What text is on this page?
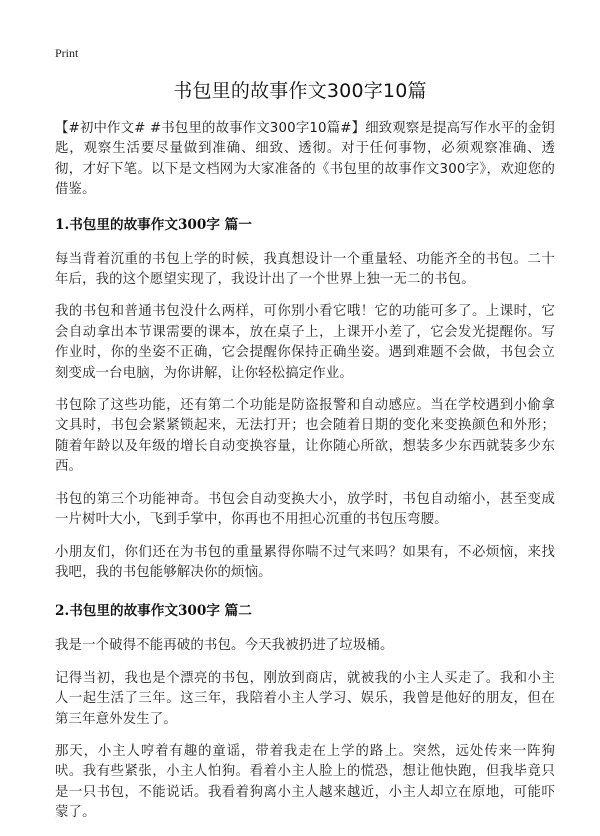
Print
书包里的故事作文300字10篇

【#初中作文# #书包里的故事作文300字10篇#】细致观察是提高写作水平的金钥匙，观察生活要尽量做到准确、细致、透彻。对于任何事物，必须观察准确、透彻，才好下笔。以下是文档网为大家准备的《书包里的故事作文300字》，欢迎您的借鉴。

1.书包里的故事作文300字 篇一

每当背着沉重的书包上学的时候，我真想设计一个重量轻、功能齐全的书包。二十年后，我的这个愿望实现了，我设计出了一个世界上独一无二的书包。

我的书包和普通书包没什么两样，可你别小看它哦！它的功能可多了。上课时，它会自动拿出本节课需要的课本，放在桌子上，上课开小差了，它会发光提醒你。写作业时，你的坐姿不正确，它会提醒你保持正确坐姿。遇到难题不会做，书包会立刻变成一台电脑，为你讲解，让你轻松搞定作业。

书包除了这些功能，还有第二个功能是防盗报警和自动感应。当在学校遇到小偷拿文具时，书包会紧紧锁起来，无法打开；也会随着日期的变化来变换颜色和外形；随着年龄以及年级的增长自动变换容量，让你随心所欲，想装多少东西就装多少东西。

书包的第三个功能神奇。书包会自动变换大小，放学时，书包自动缩小，甚至变成一片树叶大小，飞到手掌中，你再也不用担心沉重的书包压弯腰。

小朋友们，你们还在为书包的重量累得你喘不过气来吗？如果有，不必烦恼，来找我吧，我的书包能够解决你的烦恼。

2.书包里的故事作文300字 篇二

我是一个破得不能再破的书包。今天我被扔进了垃圾桶。

记得当初，我也是个漂亮的书包，刚放到商店，就被我的小主人买走了。我和小主人一起生活了三年。这三年，我陪着小主人学习、娱乐，我曾是他好的朋友，但在第三年意外发生了。

那天，小主人哼着有趣的童谣，带着我走在上学的路上。突然，远处传来一阵狗吠。我有些紧张，小主人怕狗。看着小主人脸上的慌恐，想让他快跑，但我毕竟只是一只书包，不能说话。我看着狗离小主人越来越近，小主人却立在原地，可能吓蒙了。
